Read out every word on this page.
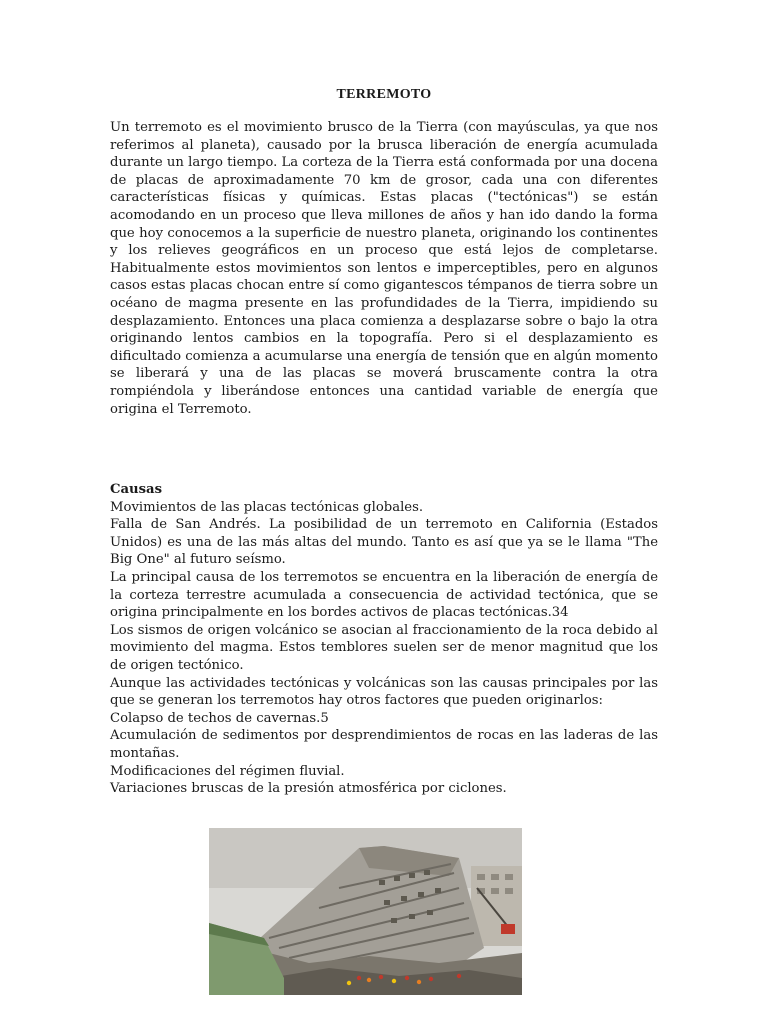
TERREMOTO

Un terremoto es el movimiento brusco de la Tierra (con mayúsculas, ya que nos referimos al planeta), causado por la brusca liberación de energía acumulada durante un largo tiempo. La corteza de la Tierra está conformada por una docena de placas de aproximadamente 70 km de grosor, cada una con diferentes características físicas y químicas. Estas placas ("tectónicas") se están acomodando en un proceso que lleva millones de años y han ido dando la forma que hoy conocemos a la superficie de nuestro planeta, originando los continentes y los relieves geográficos en un proceso que está lejos de completarse. Habitualmente estos movimientos son lentos e imperceptibles, pero en algunos casos estas placas chocan entre sí como gigantescos témpanos de tierra sobre un océano de magma presente en las profundidades de la Tierra, impidiendo su desplazamiento. Entonces una placa comienza a desplazarse sobre o bajo la otra originando lentos cambios en la topografía. Pero si el desplazamiento es dificultado comienza a acumularse una energía de tensión que en algún momento se liberará y una de las placas se moverá bruscamente contra la otra rompiéndola y liberándose entonces una cantidad variable de energía que origina el Terremoto.

Causas

Movimientos de las placas tectónicas globales.

Falla de San Andrés. La posibilidad de un terremoto en California (Estados Unidos) es una de las más altas del mundo. Tanto es así que ya se le llama "The Big One" al futuro seísmo.

La principal causa de los terremotos se encuentra en la liberación de energía de la corteza terrestre acumulada a consecuencia de actividad tectónica, que se origina principalmente en los bordes activos de placas tectónicas.34

Los sismos de origen volcánico se asocian al fraccionamiento de la roca debido al movimiento del magma. Estos temblores suelen ser de menor magnitud que los de origen tectónico.

Aunque las actividades tectónicas y volcánicas son las causas principales por las que se generan los terremotos hay otros factores que pueden originarlos:

Colapso de techos de cavernas.5

Acumulación de sedimentos por desprendimientos de rocas en las laderas de las montañas.

Modificaciones del régimen fluvial.

Variaciones bruscas de la presión atmosférica por ciclones.
